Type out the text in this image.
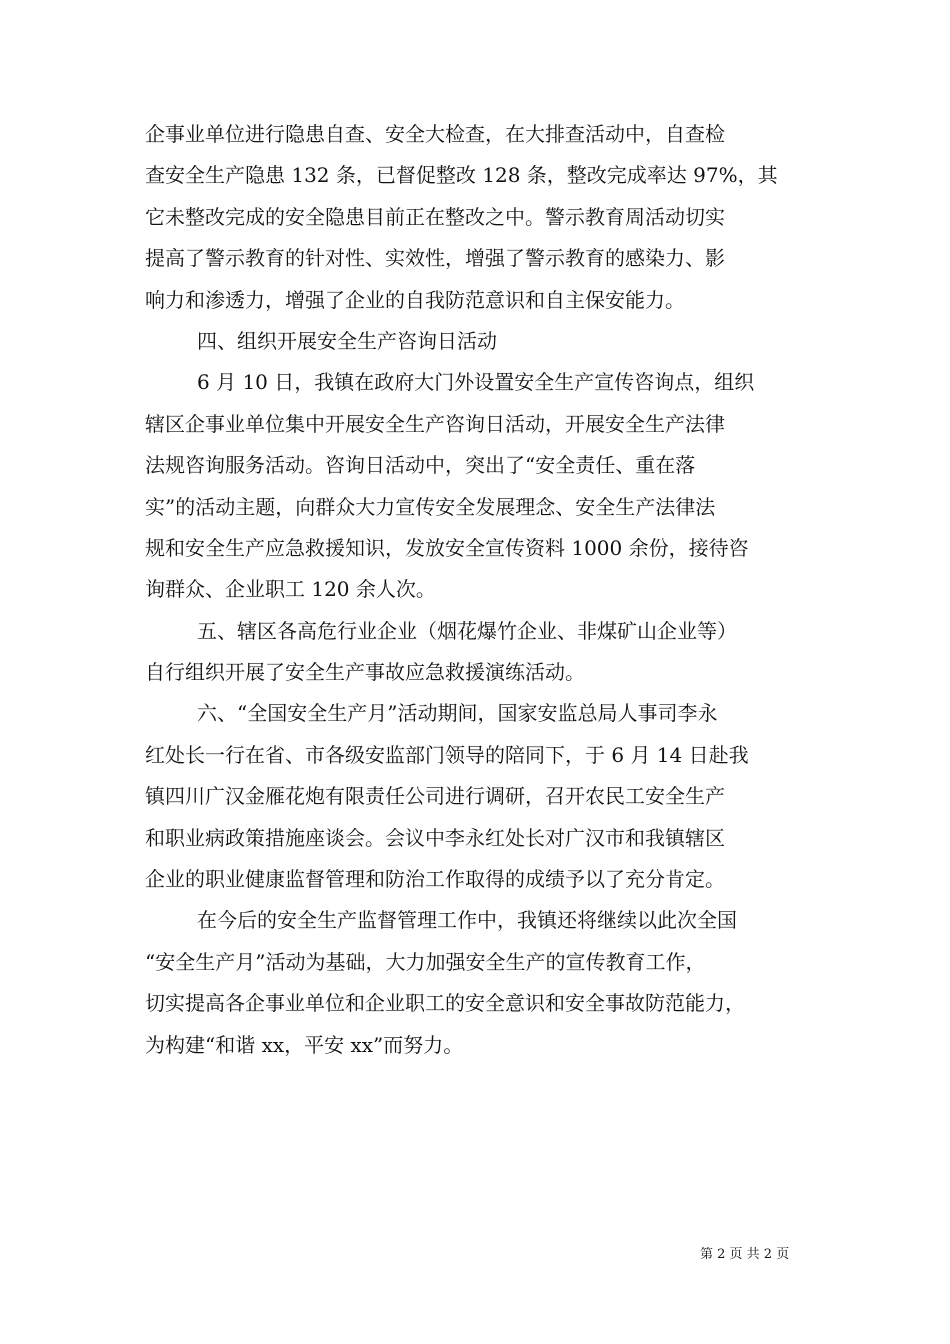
企事业单位进行隐患自查、安全大检查，在大排查活动中，自查检
查安全生产隐患 132 条，已督促整改 128 条，整改完成率达 97%，其
它未整改完成的安全隐患目前正在整改之中。警示教育周活动切实
提高了警示教育的针对性、实效性，增强了警示教育的感染力、影
响力和渗透力，增强了企业的自我防范意识和自主保安能力。
四、组织开展安全生产咨询日活动
6 月 10 日，我镇在政府大门外设置安全生产宣传咨询点，组织
辖区企事业单位集中开展安全生产咨询日活动，开展安全生产法律
法规咨询服务活动。咨询日活动中，突出了“安全责任、重在落
实”的活动主题，向群众大力宣传安全发展理念、安全生产法律法
规和安全生产应急救援知识，发放安全宣传资料 1000 余份，接待咨
询群众、企业职工 120 余人次。
五、辖区各高危行业企业（烟花爆竹企业、非煤矿山企业等）
自行组织开展了安全生产事故应急救援演练活动。
六、“全国安全生产月”活动期间，国家安监总局人事司李永
红处长一行在省、市各级安监部门领导的陪同下，于 6 月 14 日赴我
镇四川广汉金雁花炮有限责任公司进行调研，召开农民工安全生产
和职业病政策措施座谈会。会议中李永红处长对广汉市和我镇辖区
企业的职业健康监督管理和防治工作取得的成绩予以了充分肯定。
在今后的安全生产监督管理工作中，我镇还将继续以此次全国
“安全生产月”活动为基础，大力加强安全生产的宣传教育工作，
切实提高各企事业单位和企业职工的安全意识和安全事故防范能力，
为构建“和谐 xx，平安 xx”而努力。
第 2 页 共 2 页
